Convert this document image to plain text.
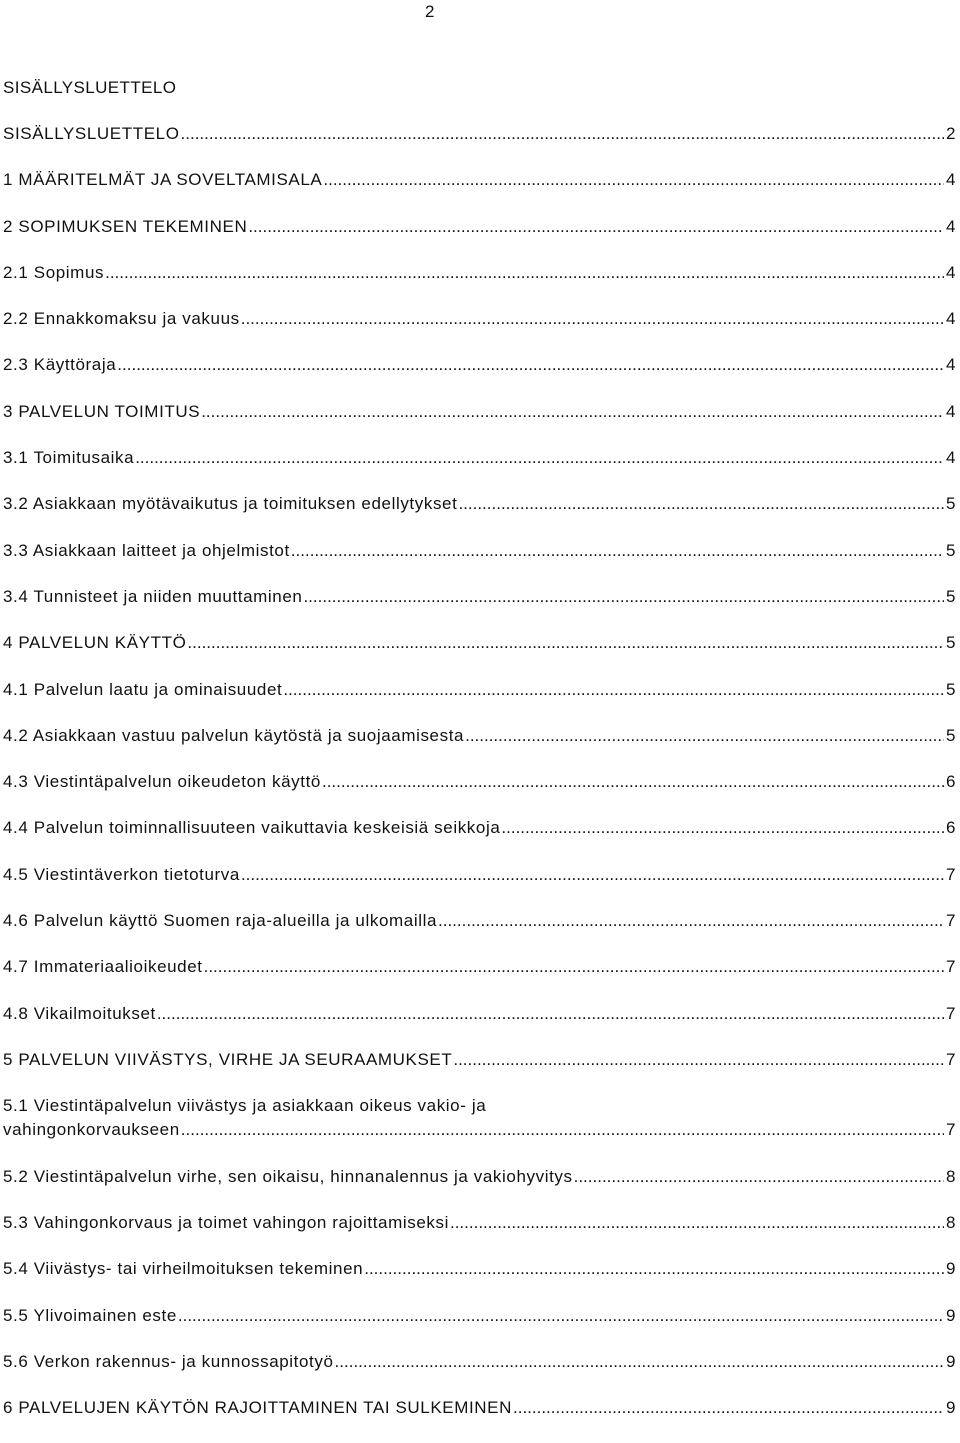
2
SISÄLLYSLUETTELO
SISÄLLYSLUETTELO .....	2
1 MÄÄRITELMÄT JA SOVELTAMISALA .....	4
2 SOPIMUKSEN TEKEMINEN .....	4
2.1 Sopimus .....	4
2.2 Ennakkomaksu ja vakuus .....	4
2.3 Käyttöraja .....	4
3 PALVELUN TOIMITUS .....	4
3.1 Toimitusaika .....	4
3.2 Asiakkaan myötävaikutus ja toimituksen edellytykset .....	5
3.3 Asiakkaan laitteet ja ohjelmistot .....	5
3.4 Tunnisteet ja niiden muuttaminen .....	5
4 PALVELUN KÄYTTÖ .....	5
4.1 Palvelun laatu ja ominaisuudet .....	5
4.2 Asiakkaan vastuu palvelun käytöstä ja suojaamisesta .....	5
4.3 Viestintäpalvelun oikeudeton käyttö .....	6
4.4 Palvelun toiminnallisuuteen vaikuttavia keskeisiä seikkoja .....	6
4.5 Viestintäverkon tietoturva .....	7
4.6 Palvelun käyttö Suomen raja-alueilla ja ulkomailla .....	7
4.7 Immateriaalioikeudet .....	7
4.8 Vikailmoitukset .....	7
5 PALVELUN VIIVÄSTYS, VIRHE JA SEURAAMUKSET .....	7
5.1 Viestintäpalvelun viivästys ja asiakkaan oikeus vakio- ja
vahingonkorvaukseen .....	7
5.2 Viestintäpalvelun virhe, sen oikaisu, hinnanalennus ja vakiohyvitys .....	8
5.3 Vahingonkorvaus ja toimet vahingon rajoittamiseksi .....	8
5.4 Viivästys- tai virheilmoituksen tekeminen .....	9
5.5 Ylivoimainen este .....	9
5.6 Verkon rakennus- ja kunnossapitotyö .....	9
6 PALVELUJEN KÄYTÖN RAJOITTAMINEN TAI SULKEMINEN .....	9
